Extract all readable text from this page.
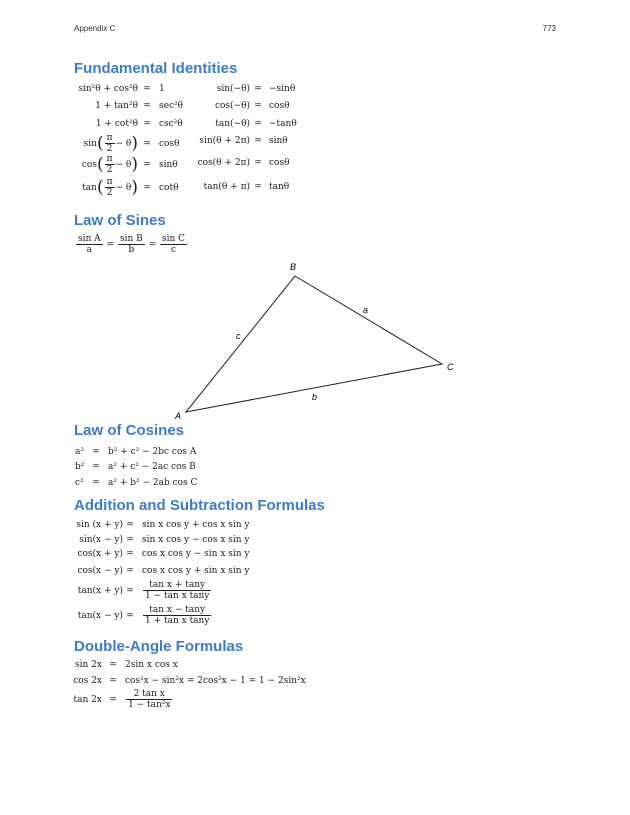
Appendix C	773
Fundamental Identities
sin²θ + cos²θ = 1
1 + tan²θ = sec²θ
1 + cot²θ = csc²θ
$\sin( \frac{\pi}{2} - \theta) = \cos\theta$
$\cos( \frac{\pi}{2} - \theta) = \sin\theta$
$\tan( \frac{\pi}{2} - \theta) = \cot\theta$
sin(−θ) = −sinθ
cos(−θ) = cosθ
tan(−θ) = −tanθ
sin(θ + 2π) = sinθ
cos(θ + 2π) = cosθ
tan(θ + π) = tanθ
Law of Sines
$\frac{\text{sin A}}{a} = \frac{\text{sin B}}{b} = \frac{\text{sin C}}{c}$
A
B
C
a
b
c
Law of Cosines
a² = b² + c² − 2bc cos A
b² = a² + c² − 2ac cos B
c² = a² + b² − 2ab cos C
Addition and Subtraction Formulas
sin (x + y) = sin x cos y + cos x sin y
sin(x − y) = sin x cos y − cos x sin y
cos(x + y) = cos x cos y − sin x sin y
cos(x − y) = cos x cos y + sin x sin y
$\tan(x + y) = \frac{\text{tan x + tany}}{\text{1 − tan x tany}}$
$\tan(x - y) = \frac{\text{tan x − tany}}{\text{1 + tan x tany}}$
Double-Angle Formulas
sin 2x = 2sin x cos x
cos 2x = cos²x − sin²x = 2cos²x − 1 = 1 − 2sin²x
$\tan 2x = \frac{\text{2 tan x}}{\text{1 − tan²x}}$
